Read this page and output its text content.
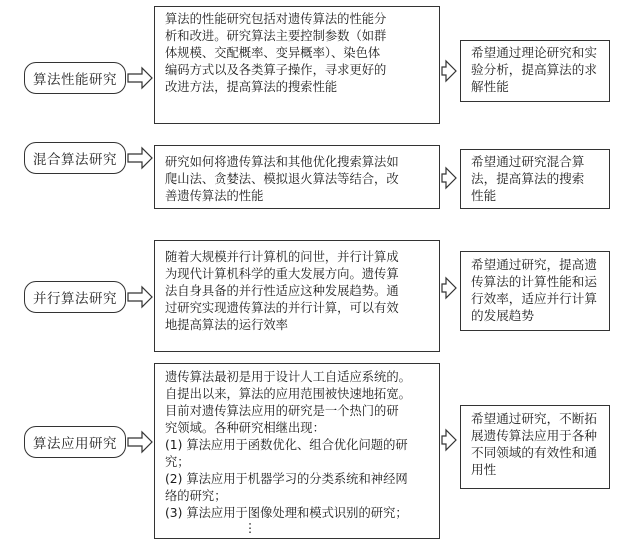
算法性能研究
算法的性能研究包括对遗传算法的性能分
析和改进。研究算法主要控制参数（如群
体规模、交配概率、变异概率）、染色体
编码方式以及各类算子操作，寻求更好的
改进方法，提高算法的搜索性能
希望通过理论研究和实
验分析，提高算法的求
解性能
混合算法研究	研究如何将遗传算法和其他优化搜索算法如
爬山法、贪婪法、模拟退火算法等结合，改
善遗传算法的性能
希望通过研究混合算
法，提高算法的搜索
性能
并行算法研究
随着大规模并行计算机的问世，并行计算成
为现代计算机科学的重大发展方向。遗传算
法自身具备的并行性适应这种发展趋势。通
过研究实现遗传算法的并行计算，可以有效
地提高算法的运行效率
希望通过研究，提高遗
传算法的计算性能和运
行效率，适应并行计算
的发展趋势
算法应用研究
遗传算法最初是用于设计人工自适应系统的。
自提出以来，算法的应用范围被快速地拓宽。
目前对遗传算法应用的研究是一个热门的研
究领域。各种研究相继出现：
(1) 算法应用于函数优化、组合优化问题的研
究；
(2) 算法应用于机器学习的分类系统和神经网
络的研究；
(3) 算法应用于图像处理和模式识别的研究；
⋮
希望通过研究，不断拓
展遗传算法应用于各种
不同领域的有效性和通
用性
